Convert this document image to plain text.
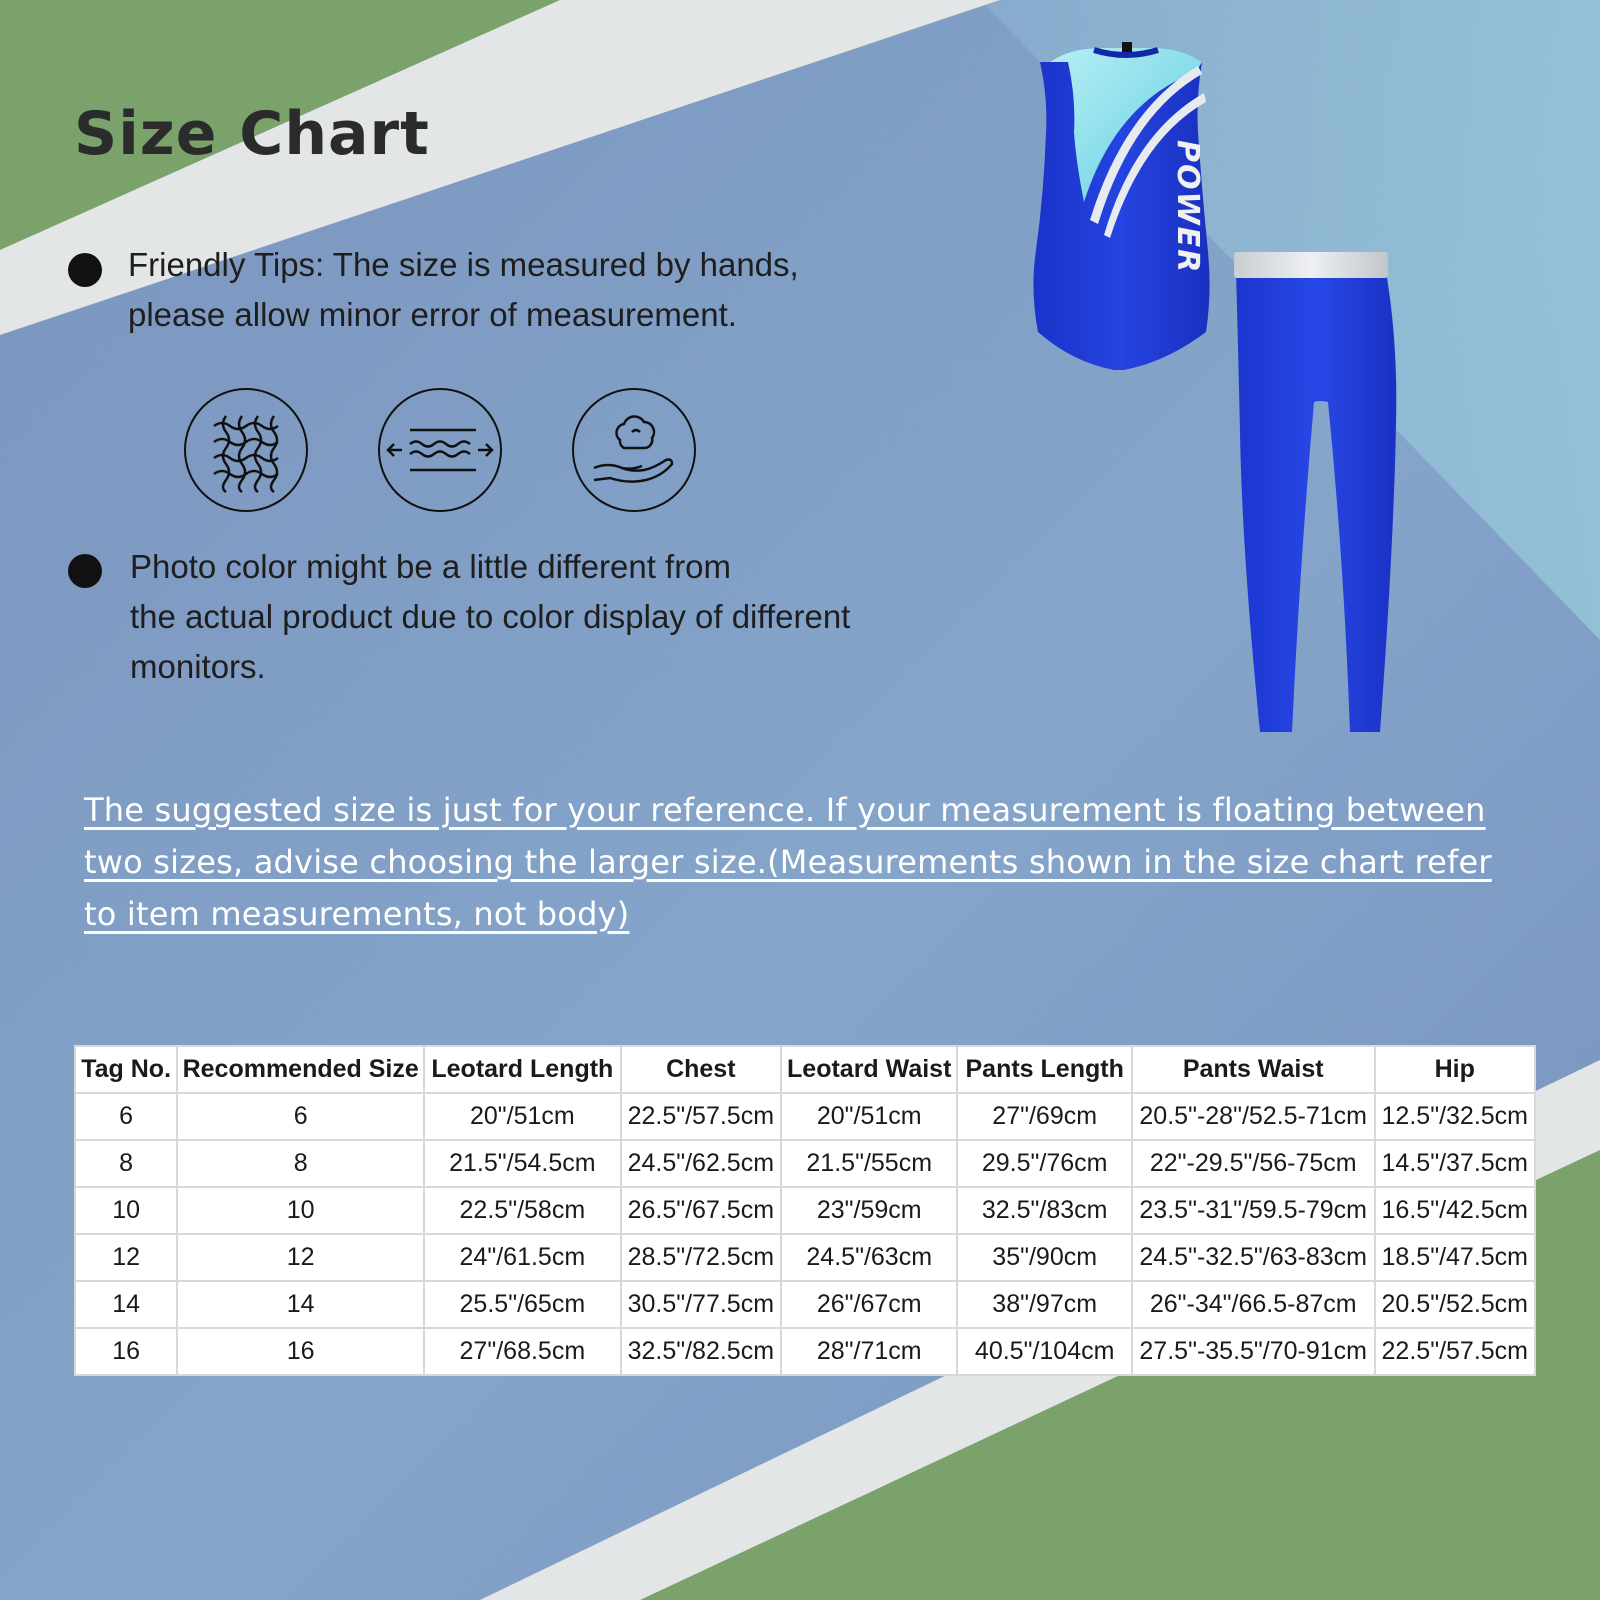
Size Chart

Friendly Tips: The size is measured by hands,
please allow minor error of measurement.

Photo color might be a little different from
the actual product due to color display of different
monitors.

POWER

The suggested size is just for your reference. If your measurement is floating between two sizes, advise choosing the larger size.(Measurements shown in the size chart refer to item measurements, not body)

Tag No.	Recommended Size	Leotard Length	Chest	Leotard Waist	Pants Length	Pants Waist	Hip
6	6	20"/51cm	22.5"/57.5cm	20"/51cm	27"/69cm	20.5"-28"/52.5-71cm	12.5"/32.5cm
8	8	21.5"/54.5cm	24.5"/62.5cm	21.5"/55cm	29.5"/76cm	22"-29.5"/56-75cm	14.5"/37.5cm
10	10	22.5"/58cm	26.5"/67.5cm	23"/59cm	32.5"/83cm	23.5"-31"/59.5-79cm	16.5"/42.5cm
12	12	24"/61.5cm	28.5"/72.5cm	24.5"/63cm	35"/90cm	24.5"-32.5"/63-83cm	18.5"/47.5cm
14	14	25.5"/65cm	30.5"/77.5cm	26"/67cm	38"/97cm	26"-34"/66.5-87cm	20.5"/52.5cm
16	16	27"/68.5cm	32.5"/82.5cm	28"/71cm	40.5"/104cm	27.5"-35.5"/70-91cm	22.5"/57.5cm
